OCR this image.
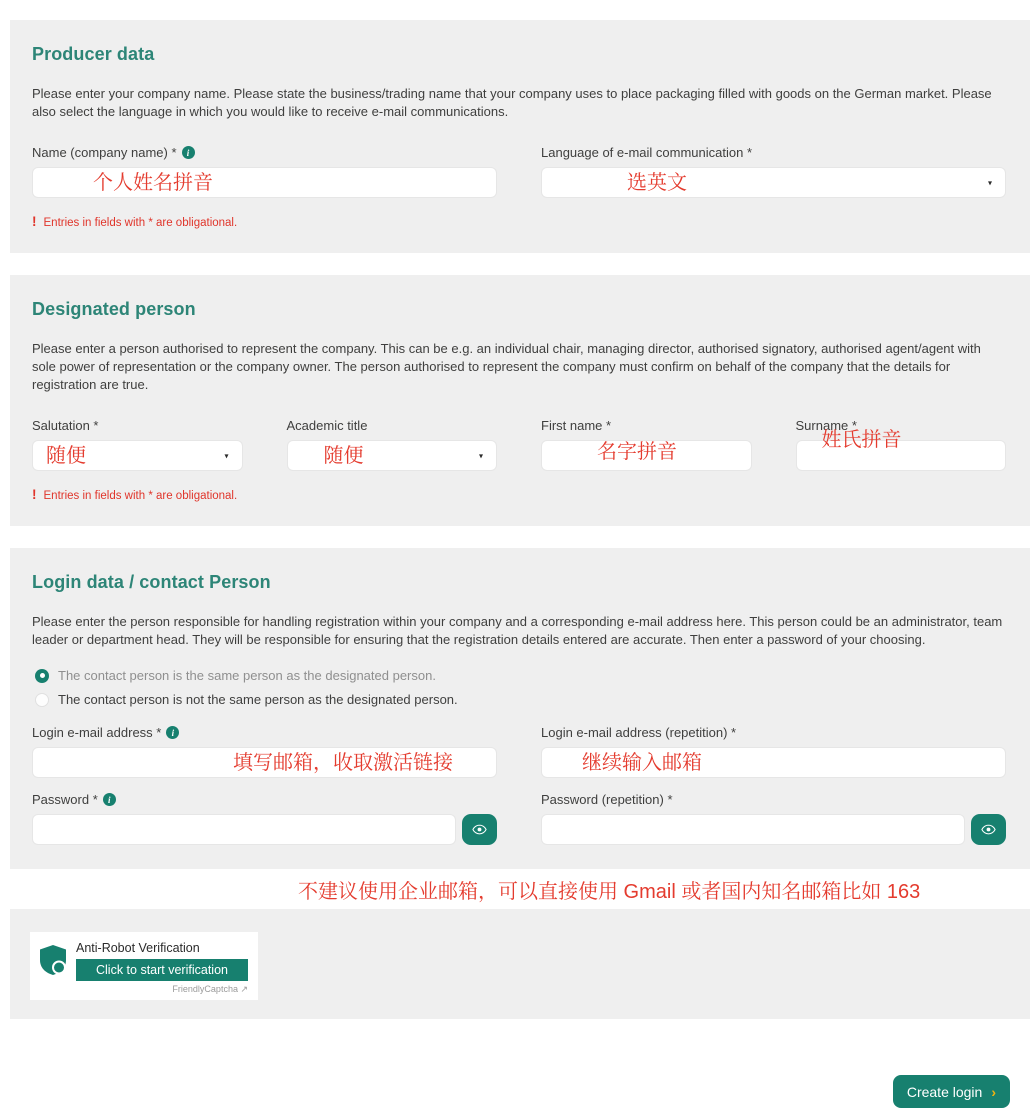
Producer data

Please enter your company name. Please state the business/trading name that your company uses to place packaging filled with goods on the German market. Please also select the language in which you would like to receive e-mail communications.

Name (company name) *	i
个人姓名拼音
Language of e-mail communication *
选英文	▾
! Entries in fields with * are obligational.
Designated person

Please enter a person authorised to represent the company. This can be e.g. an individual chair, managing director, authorised signatory, authorised agent/agent with sole power of representation or the company owner. The person authorised to represent the company must confirm on behalf of the company that the details for registration are true.

Salutation *
随便	▾
Academic title
随便	▾
First name *
名字拼音
Surname *
姓氏拼音
! Entries in fields with * are obligational.
Login data / contact Person

Please enter the person responsible for handling registration within your company and a corresponding e-mail address here. This person could be an administrator, team leader or department head. They will be responsible for ensuring that the registration details entered are accurate. Then enter a password of your choosing.

The contact person is the same person as the designated person.
The contact person is not the same person as the designated person.
Login e-mail address *	i
填写邮箱，收取激活链接
Login e-mail address (repetition) *
继续输入邮箱
Password *	i	Password (repetition) *
不建议使用企业邮箱，可以直接使用 Gmail 或者国内知名邮箱比如 163
Anti-Robot Verification
Click to start verification
FriendlyCaptcha ↗
Create login ›
